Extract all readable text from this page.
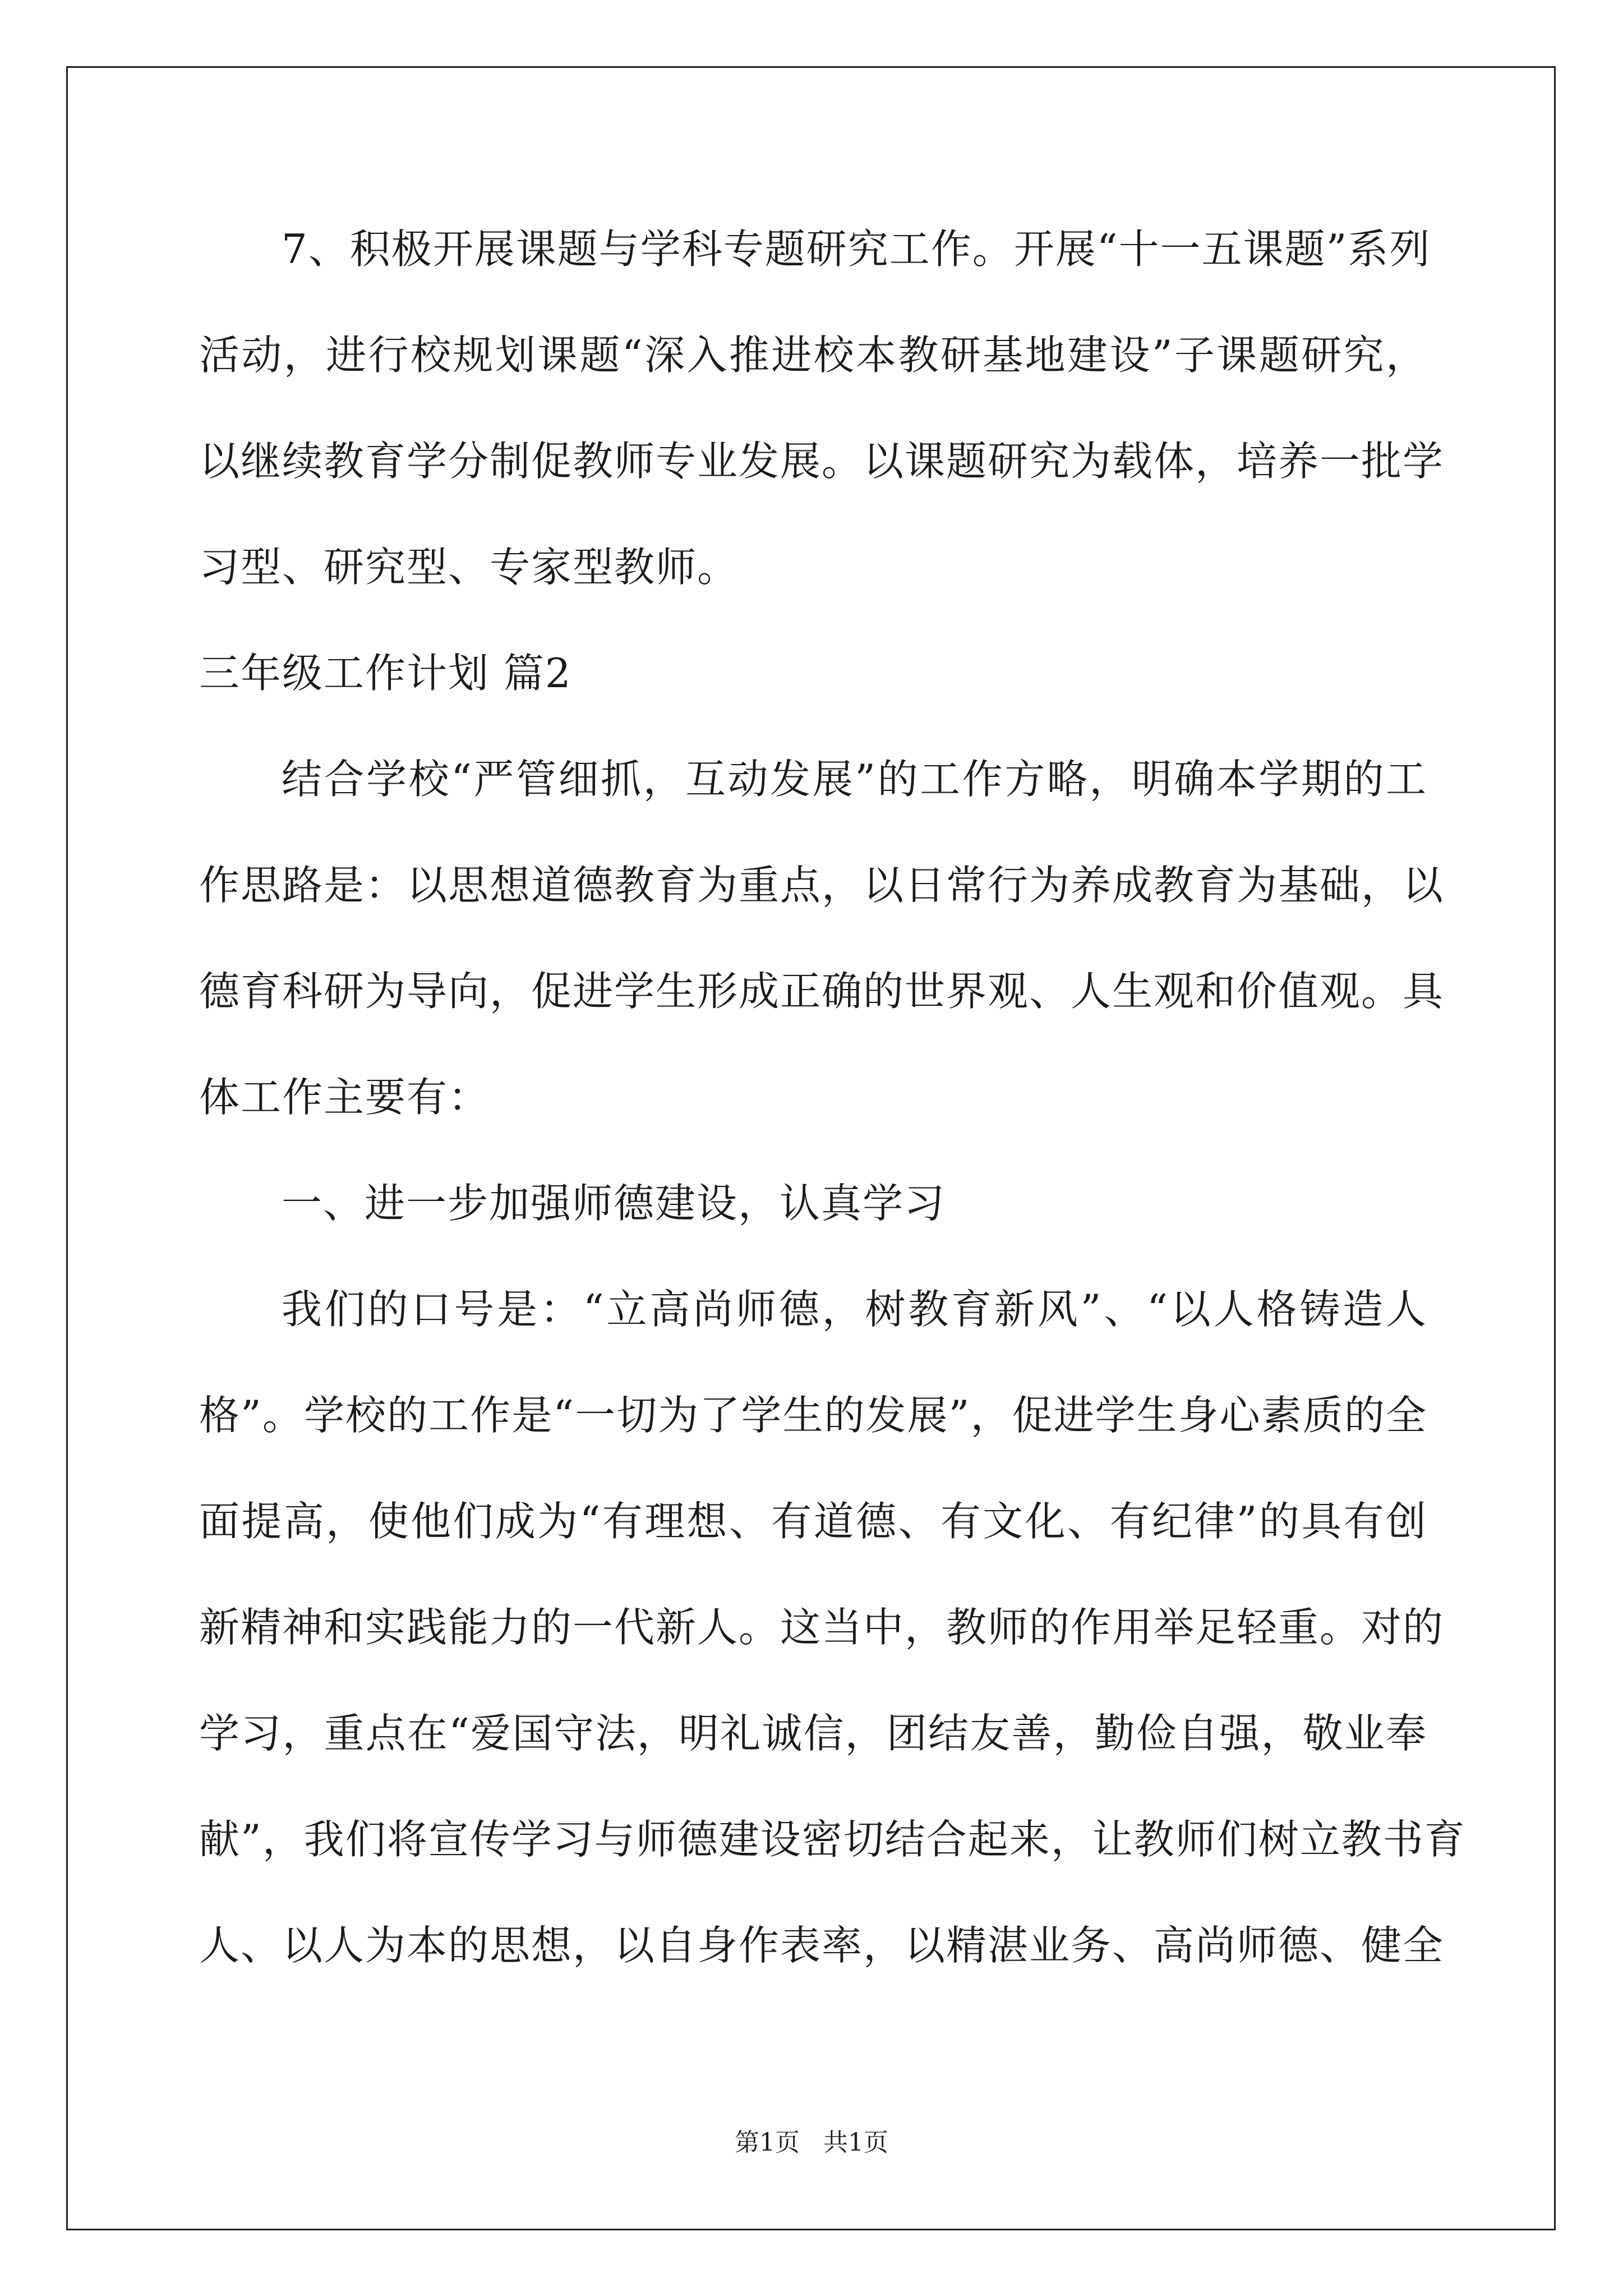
7、积极开展课题与学科专题研究工作。开展“十一五课题”系列
活动，进行校规划课题“深入推进校本教研基地建设”子课题研究，
以继续教育学分制促教师专业发展。以课题研究为载体，培养一批学
习型、研究型、专家型教师。
三年级工作计划 篇2
结合学校“严管细抓，互动发展”的工作方略，明确本学期的工
作思路是：以思想道德教育为重点，以日常行为养成教育为基础，以
德育科研为导向，促进学生形成正确的世界观、人生观和价值观。具
体工作主要有：
一、进一步加强师德建设，认真学习
我们的口号是：“立高尚师德，树教育新风”、“以人格铸造人
格”。学校的工作是“一切为了学生的发展”，促进学生身心素质的全
面提高，使他们成为“有理想、有道德、有文化、有纪律”的具有创
新精神和实践能力的一代新人。这当中，教师的作用举足轻重。对的
学习，重点在“爱国守法，明礼诚信，团结友善，勤俭自强，敬业奉
献”，我们将宣传学习与师德建设密切结合起来，让教师们树立教书育
人、以人为本的思想，以自身作表率，以精湛业务、高尚师德、健全
第1页   共1页
